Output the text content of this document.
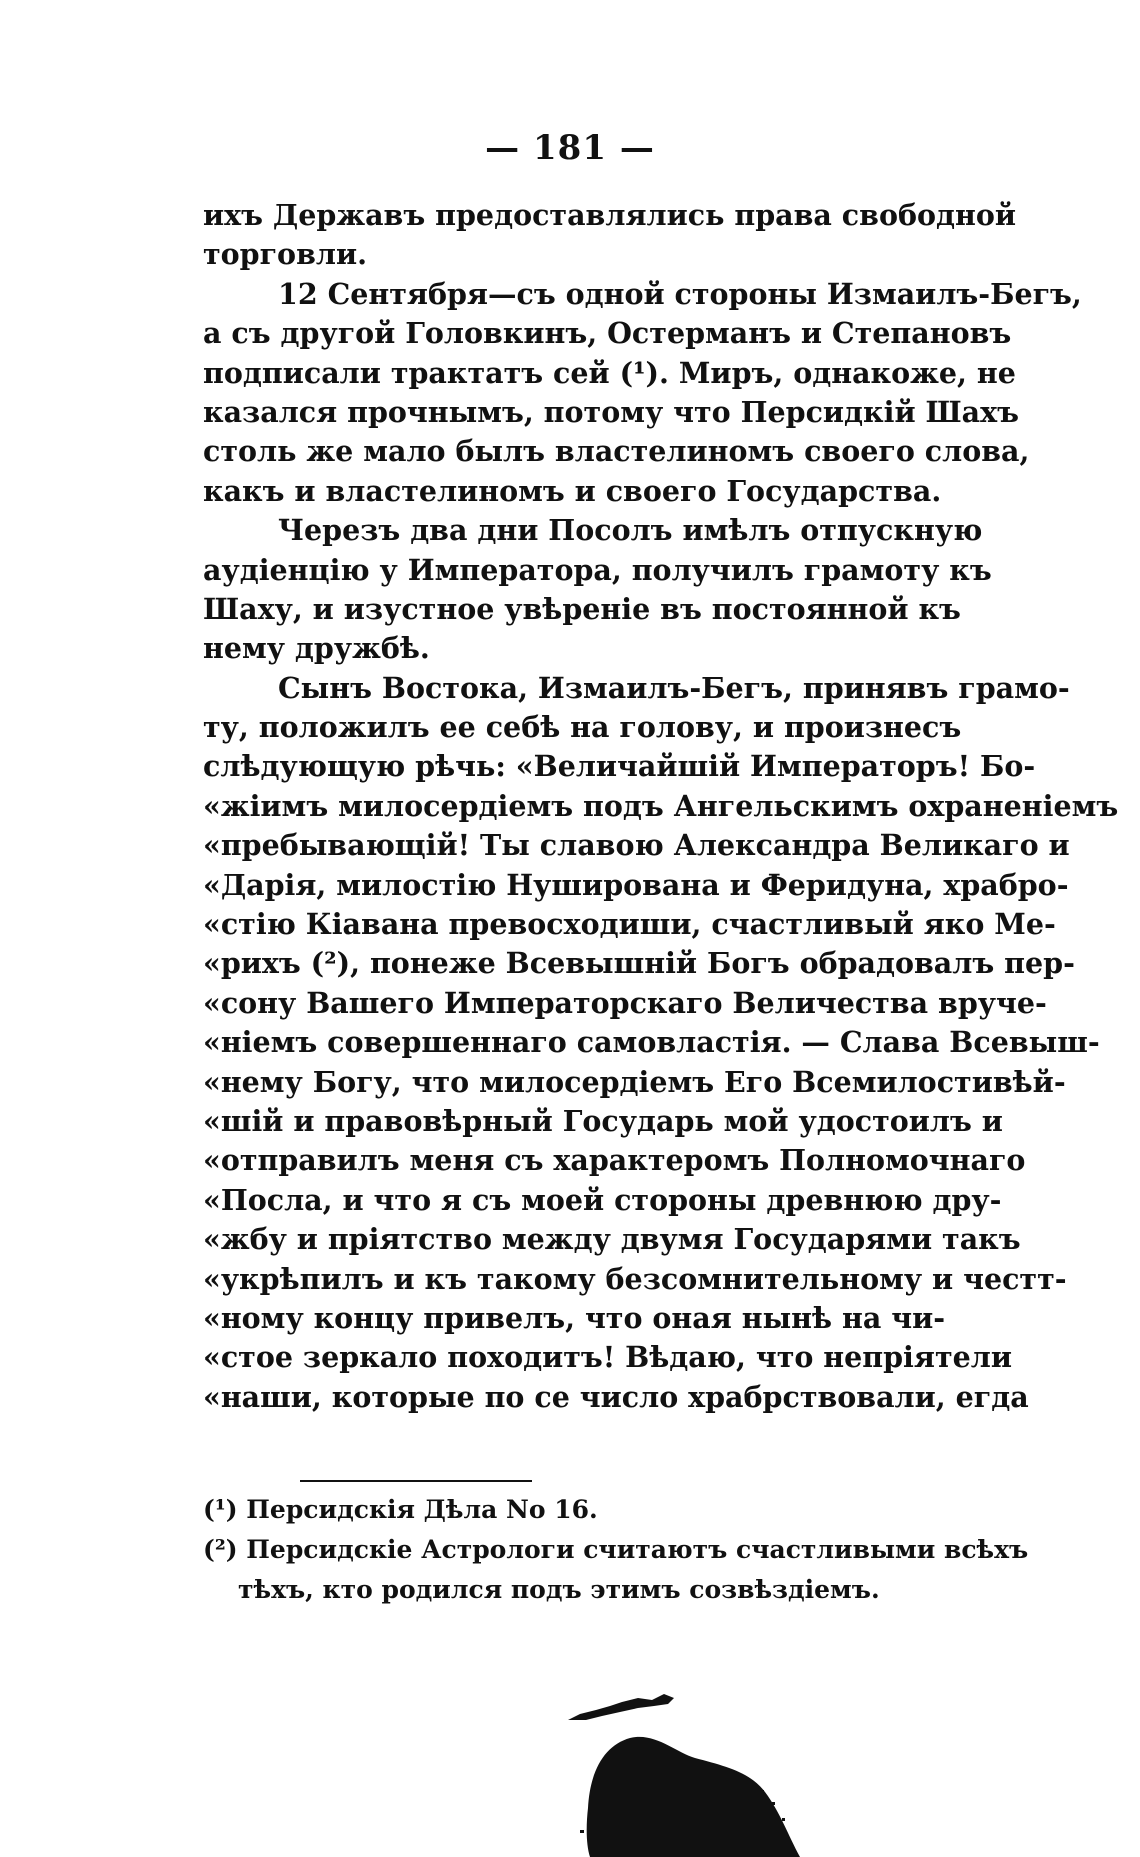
— 181 —
ихъ Державъ предоставлялись права свободной
торговли.
12 Сентября—съ одной стороны Измаилъ-Бегъ,
а съ другой Головкинъ, Остерманъ и Степановъ
подписали трактатъ сей (¹). Миръ, однакоже, не
казался прочнымъ, потому что Персидкій Шахъ
столь же мало былъ властелиномъ своего слова,
какъ и властелиномъ и своего Государства.
Черезъ два дни Посолъ имѣлъ отпускную
аудіенцію у Императора, получилъ грамоту къ
Шаху, и изустное увѣреніе въ постоянной къ
нему дружбѣ.
Сынъ Востока, Измаилъ-Бегъ, принявъ грамо-
ту, положилъ ее себѣ на голову, и произнесъ
слѣдующую рѣчь: «Величайшій Императоръ! Бо-
«жіимъ милосердіемъ подъ Ангельскимъ охраненіемъ
«пребывающій! Ты славою Александра Великаго и
«Дарія, милостію Нуширована и Феридуна, храбро-
«стію Кіавана превосходиши, счастливый яко Ме-
«рихъ (²), понеже Всевышній Богъ обрадовалъ пер-
«сону Вашего Императорскаго Величества вруче-
«ніемъ совершеннаго самовластія. — Слава Всевыш-
«нему Богу, что милосердіемъ Его Всемилостивѣй-
«шій и правовѣрный Государь мой удостоилъ и
«отправилъ меня съ характеромъ Полномочнаго
«Посла, и что я съ моей стороны древнюю дру-
«жбу и пріятство между двумя Государями такъ
«укрѣпилъ и къ такому безсомнительному и честт-
«ному концу привелъ, что оная нынѣ на чи-
«стое зеркало походитъ! Вѣдаю, что непріятели
«наши, которые по се число храбрствовали, егда
(¹) Персидскія Дѣла No 16.
(²) Персидскіе Астрологи считаютъ счастливыми всѣхъ
тѣхъ, кто родился подъ этимъ созвѣздіемъ.
